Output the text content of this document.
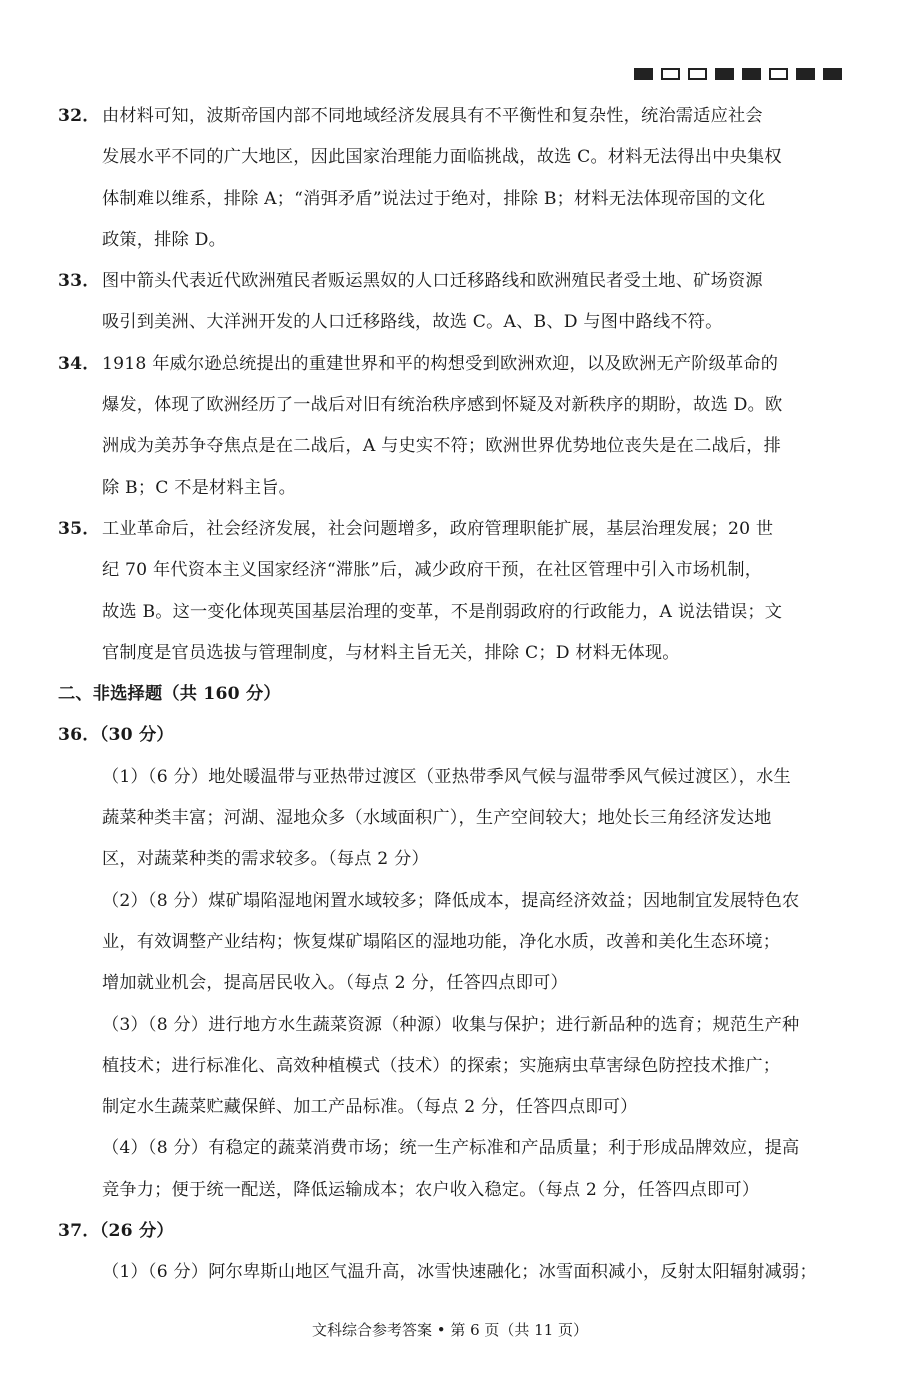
32． 由材料可知，波斯帝国内部不同地域经济发展具有不平衡性和复杂性，统治需适应社会
发展水平不同的广大地区，因此国家治理能力面临挑战，故选 C。材料无法得出中央集权
体制难以维系，排除 A；“消弭矛盾”说法过于绝对，排除 B；材料无法体现帝国的文化
政策，排除 D。
33． 图中箭头代表近代欧洲殖民者贩运黑奴的人口迁移路线和欧洲殖民者受土地、矿场资源
吸引到美洲、大洋洲开发的人口迁移路线，故选 C。A、B、D 与图中路线不符。
34． 1918 年威尔逊总统提出的重建世界和平的构想受到欧洲欢迎，以及欧洲无产阶级革命的
爆发，体现了欧洲经历了一战后对旧有统治秩序感到怀疑及对新秩序的期盼，故选 D。欧
洲成为美苏争夺焦点是在二战后，A 与史实不符；欧洲世界优势地位丧失是在二战后，排
除 B；C 不是材料主旨。
35． 工业革命后，社会经济发展，社会问题增多，政府管理职能扩展，基层治理发展；20 世
纪 70 年代资本主义国家经济“滞胀”后，减少政府干预，在社区管理中引入市场机制，
故选 B。这一变化体现英国基层治理的变革，不是削弱政府的行政能力，A 说法错误；文
官制度是官员选拔与管理制度，与材料主旨无关，排除 C；D 材料无体现。
二、非选择题（共 160 分）
36．（30 分）
（1）（6 分）地处暖温带与亚热带过渡区（亚热带季风气候与温带季风气候过渡区），水生
蔬菜种类丰富；河湖、湿地众多（水域面积广），生产空间较大；地处长三角经济发达地
区，对蔬菜种类的需求较多。（每点 2 分）
（2）（8 分）煤矿塌陷湿地闲置水域较多；降低成本，提高经济效益；因地制宜发展特色农
业，有效调整产业结构；恢复煤矿塌陷区的湿地功能，净化水质，改善和美化生态环境；
增加就业机会，提高居民收入。（每点 2 分，任答四点即可）
（3）（8 分）进行地方水生蔬菜资源（种源）收集与保护；进行新品种的选育；规范生产种
植技术；进行标准化、高效种植模式（技术）的探索；实施病虫草害绿色防控技术推广；
制定水生蔬菜贮藏保鲜、加工产品标准。（每点 2 分，任答四点即可）
（4）（8 分）有稳定的蔬菜消费市场；统一生产标准和产品质量；利于形成品牌效应，提高
竞争力；便于统一配送，降低运输成本；农户收入稳定。（每点 2 分，任答四点即可）
37．（26 分）
（1）（6 分）阿尔卑斯山地区气温升高，冰雪快速融化；冰雪面积减小，反射太阳辐射减弱；
文科综合参考答案 • 第 6 页（共 11 页）
